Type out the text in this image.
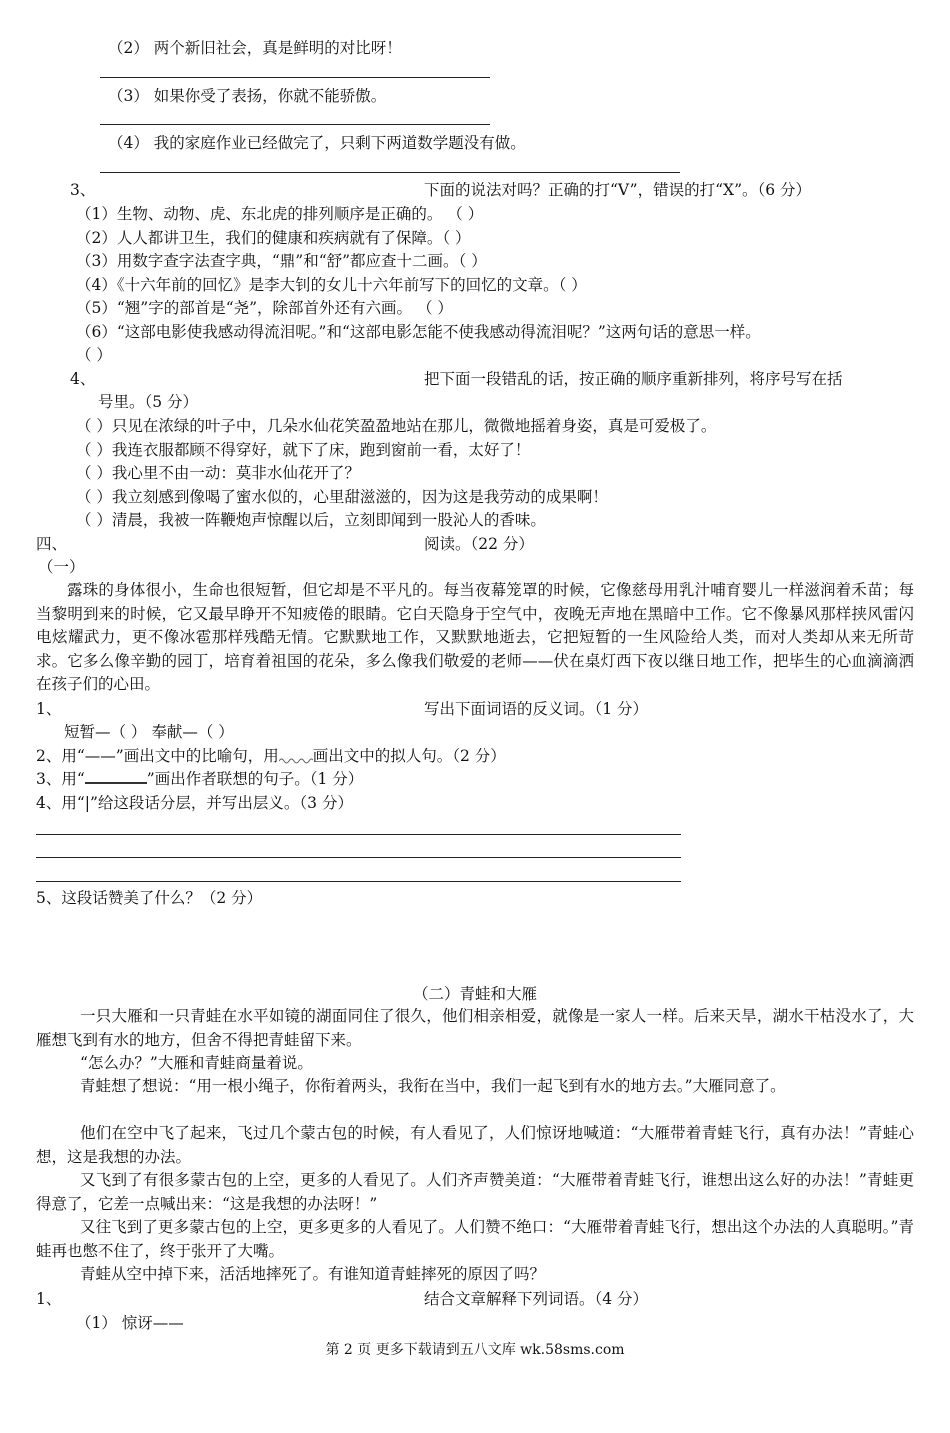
（2） 两个新旧社会，真是鲜明的对比呀！
（3） 如果你受了表扬，你就不能骄傲。
（4） 我的家庭作业已经做完了，只剩下两道数学题没有做。
3、	下面的说法对吗？正确的打“V”，错误的打“X”。（6 分）
（1）生物、动物、虎、东北虎的排列顺序是正确的。 （ ）
（2）人人都讲卫生，我们的健康和疾病就有了保障。（ ）
（3）用数字查字法查字典，“鼎”和“舒”都应查十二画。（ ）
（4）《十六年前的回忆》是李大钊的女儿十六年前写下的回忆的文章。（ ）
（5）“翘”字的部首是“尧”，除部首外还有六画。 （ ）
（6）“这部电影使我感动得流泪呢。”和“这部电影怎能不使我感动得流泪呢？”这两句话的意思一样。
（ ）
4、	把下面一段错乱的话，按正确的顺序重新排列，将序号写在括
号里。（5 分）
（ ）只见在浓绿的叶子中，几朵水仙花笑盈盈地站在那儿，微微地摇着身姿，真是可爱极了。
（ ）我连衣服都顾不得穿好，就下了床，跑到窗前一看，太好了！
（ ）我心里不由一动：莫非水仙花开了？
（ ）我立刻感到像喝了蜜水似的，心里甜滋滋的，因为这是我劳动的成果啊！
（ ）清晨，我被一阵鞭炮声惊醒以后，立刻即闻到一股沁人的香味。
四、	阅读。（22 分）
（一）
露珠的身体很小，生命也很短暂，但它却是不平凡的。每当夜幕笼罩的时候，它像慈母用乳汁哺育婴儿一样滋润着禾苗；每当黎明到来的时候，它又最早睁开不知疲倦的眼睛。它白天隐身于空气中，夜晚无声地在黑暗中工作。它不像暴风那样挟风雷闪电炫耀武力，更不像冰雹那样残酷无情。它默默地工作，又默默地逝去，它把短暂的一生风险给人类，而对人类却从来无所苛求。它多么像辛勤的园丁，培育着祖国的花朵，多么像我们敬爱的老师——伏在桌灯西下夜以继日地工作，把毕生的心血滴滴洒在孩子们的心田。
1、	写出下面词语的反义词。（1 分）
短暂—（ ） 奉献—（ ）
2、用“——”画出文中的比喻句，用 画出文中的拟人句。（2 分）
3、用“	”画出作者联想的句子。（1 分）
4、用“|”给这段话分层，并写出层义。（3 分）
5、这段话赞美了什么？（2 分）
（二）青蛙和大雁
一只大雁和一只青蛙在水平如镜的湖面同住了很久，他们相亲相爱，就像是一家人一样。后来天旱，湖水干枯没水了，大雁想飞到有水的地方，但舍不得把青蛙留下来。
“怎么办？”大雁和青蛙商量着说。
青蛙想了想说：“用一根小绳子，你衔着两头，我衔在当中，我们一起飞到有水的地方去。”大雁同意了。
他们在空中飞了起来，飞过几个蒙古包的时候，有人看见了，人们惊讶地喊道：“大雁带着青蛙飞行，真有办法！”青蛙心想，这是我想的办法。
又飞到了有很多蒙古包的上空，更多的人看见了。人们齐声赞美道：“大雁带着青蛙飞行，谁想出这么好的办法！”青蛙更得意了，它差一点喊出来：“这是我想的办法呀！”
又往飞到了更多蒙古包的上空，更多更多的人看见了。人们赞不绝口：“大雁带着青蛙飞行，想出这个办法的人真聪明。”青蛙再也憋不住了，终于张开了大嘴。
青蛙从空中掉下来，活活地摔死了。有谁知道青蛙摔死的原因了吗？
1、	结合文章解释下列词语。（4 分）
（1） 惊讶——
第 2 页 更多下载请到五八文库 wk.58sms.com
